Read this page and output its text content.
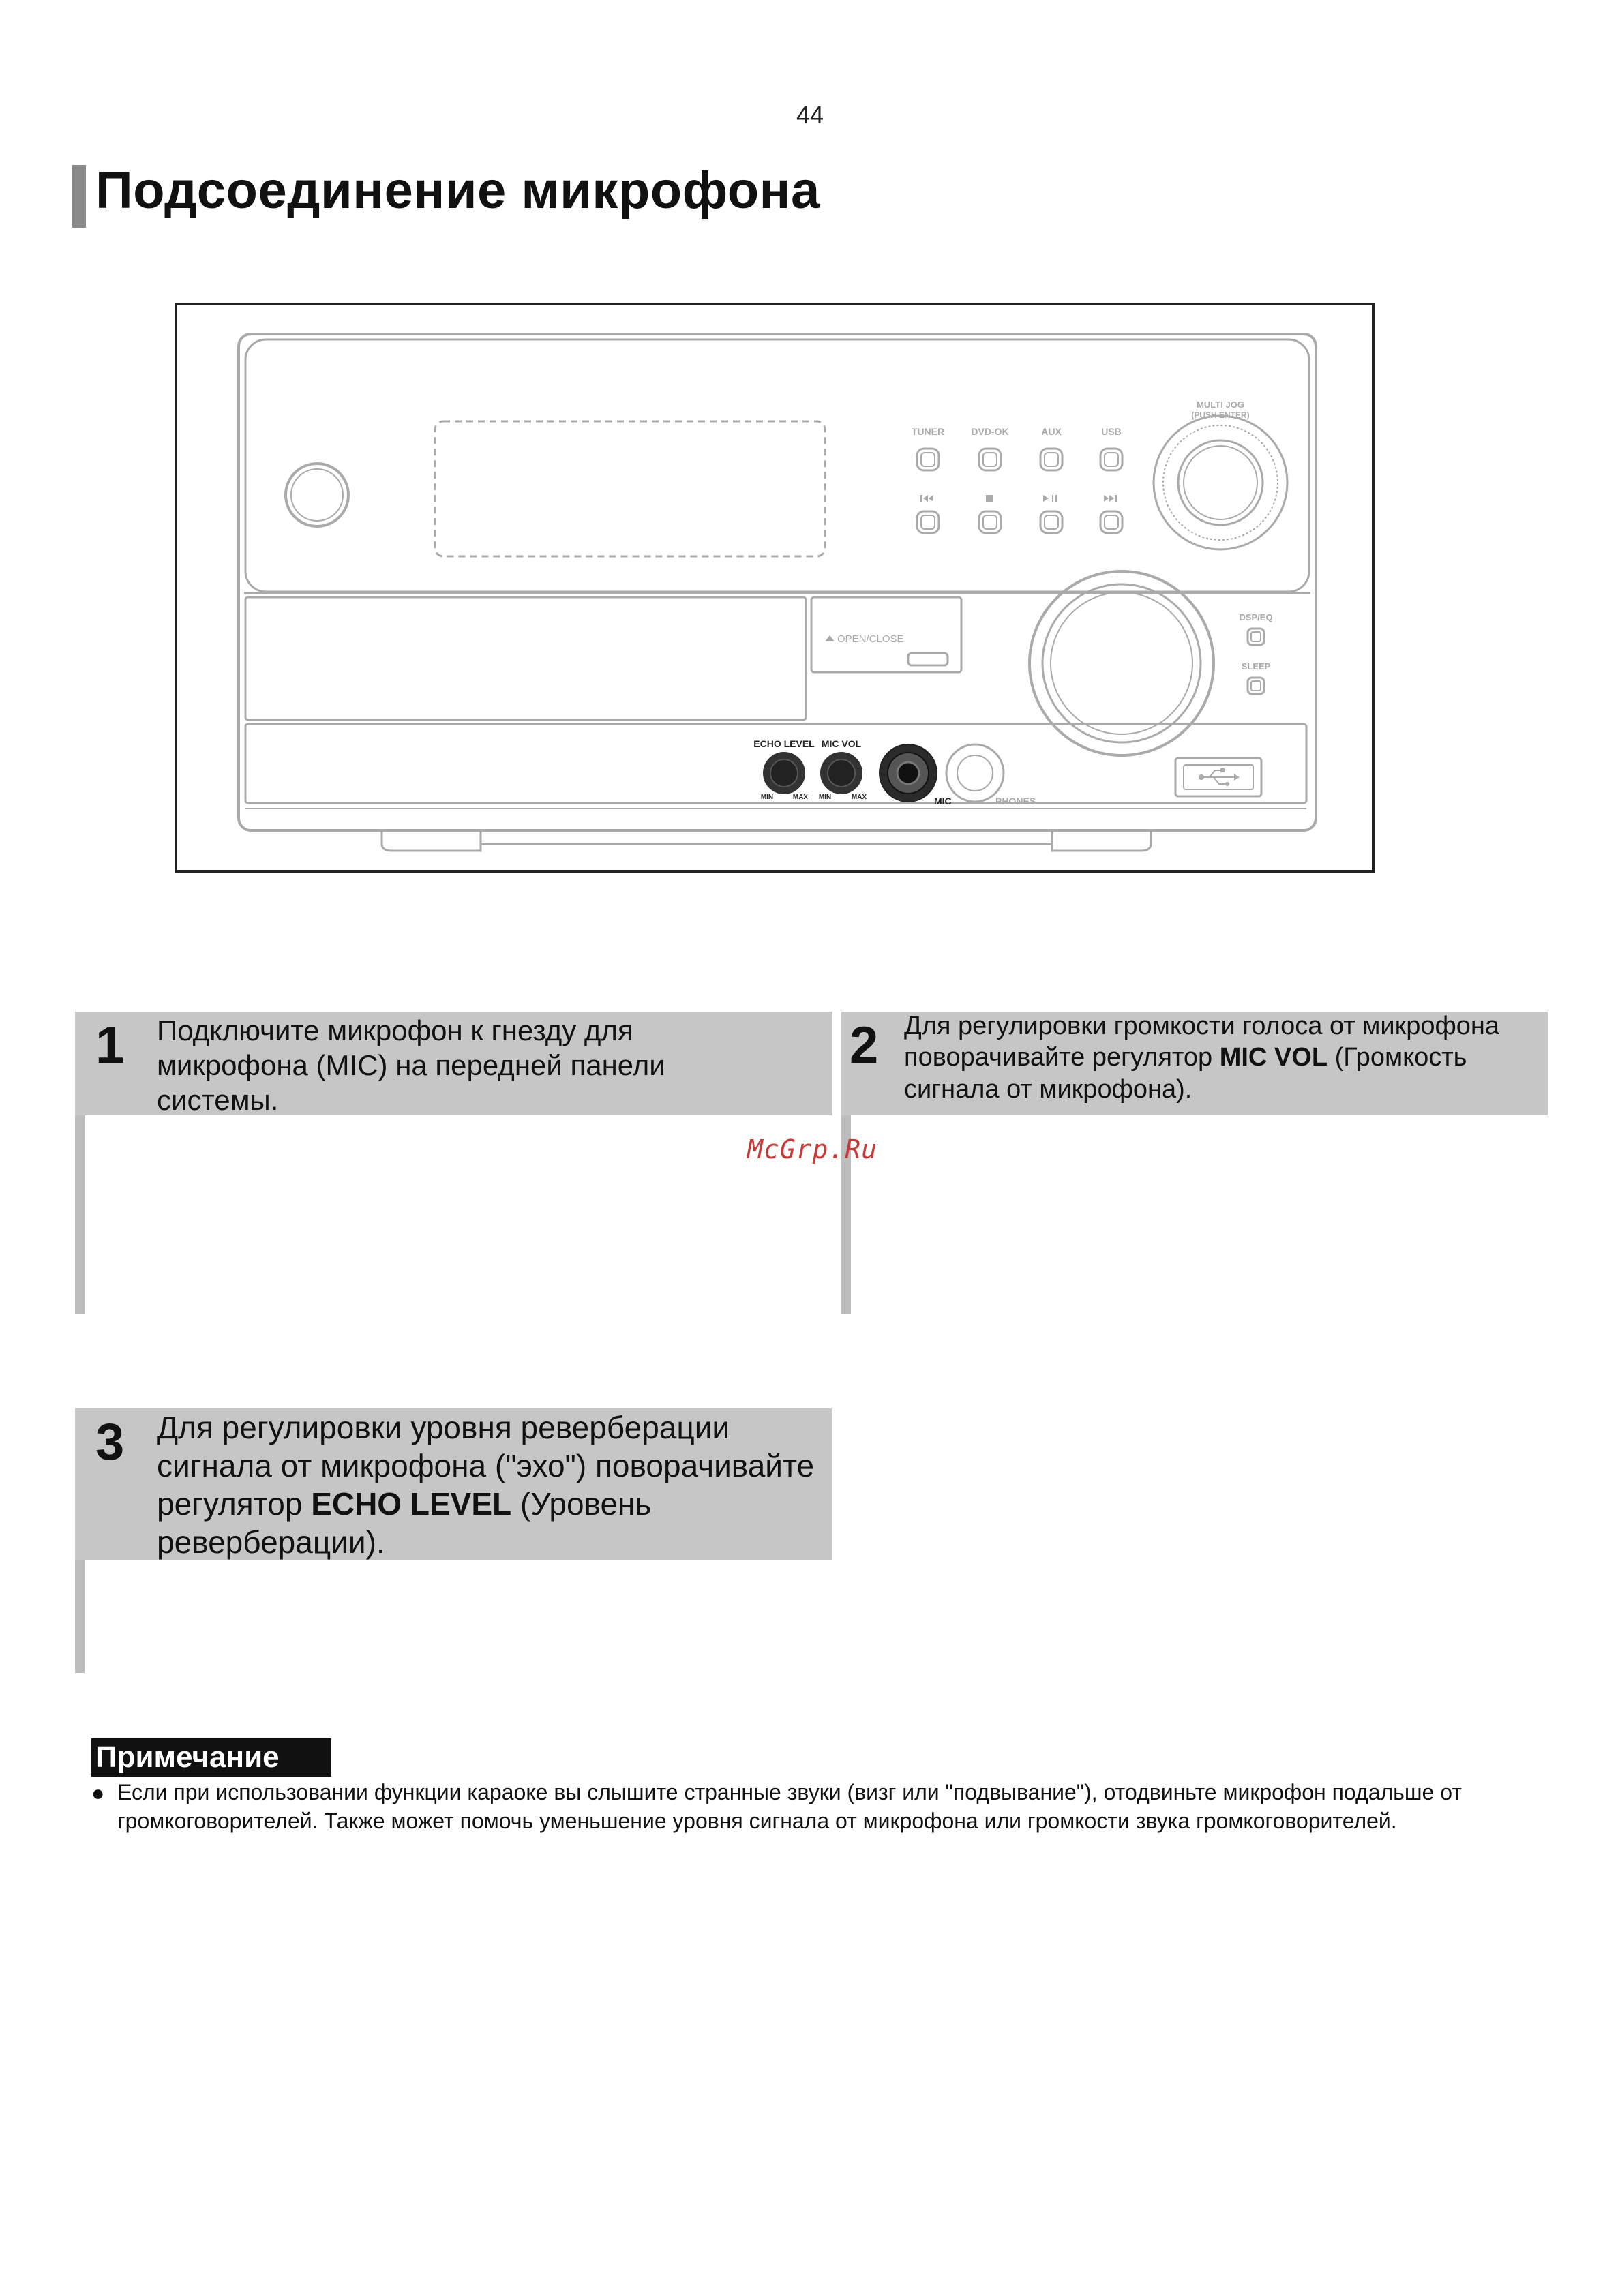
44
Подсоединение микрофона
TUNER	DVD-OK	AUX	USB
MULTI JOG
(PUSH ENTER)
OPEN/CLOSE
DSP/EQ
SLEEP
ECHO LEVEL
MIN	MAX
MIC VOL
MIN	MAX	MIC	PHONES
1 Подключите микрофон к гнезду для микрофона (MIC) на передней панели системы.
2 Для регулировки громкости голоса от микрофона поворачивайте регулятор MIC VOL (Громкость сигнала от микрофона).
McGrp.Ru
3 Для регулировки уровня реверберации сигнала от микрофона ("эхо") поворачивайте регулятор ECHO LEVEL (Уровень реверберации).
Примечание
● Если при использовании функции караоке вы слышите странные звуки (визг или "подвывание"), отодвиньте микрофон подальше от громкоговорителей. Также может помочь уменьшение уровня сигнала от микрофона или громкости звука громкоговорителей.
